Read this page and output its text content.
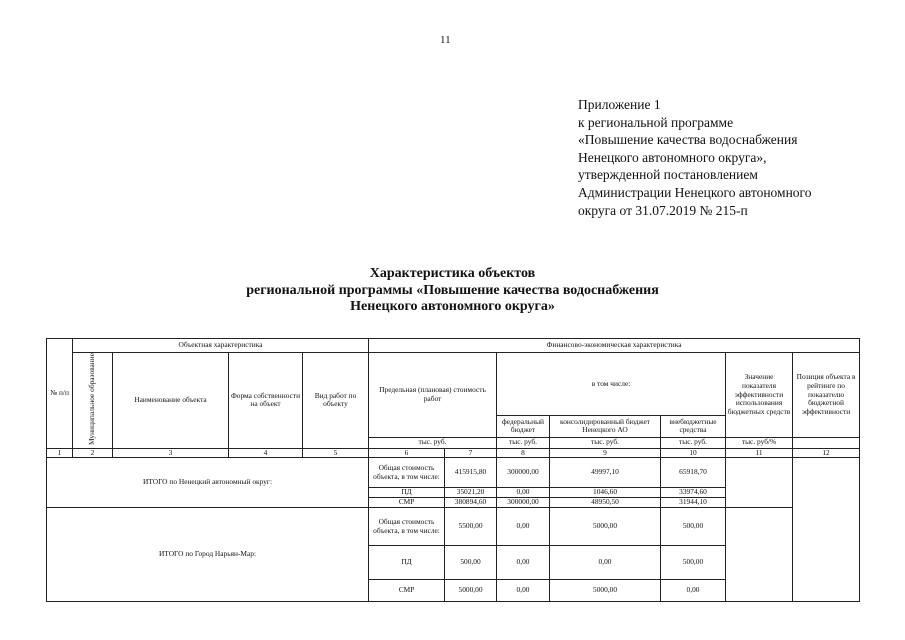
11
Приложение 1
к региональной программе
«Повышение качества водоснабжения
Ненецкого автономного округа»,
утвержденной постановлением
Администрации Ненецкого автономного
округа от 31.07.2019 № 215-п
Характеристика объектов
региональной программы «Повышение качества водоснабжения
Ненецкого автономного округа»
№ п/п	Объектная характеристика				Финансово-экономическая характеристика						
	Муниципальное образование	Наименование объекта	Форма собственности на объект	Вид работ по объекту	Предельная (плановая) стоимость работ		в том числе:			Значение показателя эффективности использования бюджетных средств	Позиция объекта в рейтинге по показателю бюджетной эффективности
							федеральный бюджет	консолидированный бюджет Ненецкого АО	внебюджетные средства		
					тыс. руб.		тыс. руб.	тыс. руб.	тыс. руб.	тыс. руб/%	
1	2	3	4	5	6	7	8	9	10	11	12
ИТОГО по Ненецкий автономный округ:					Общая стоимость объекта, в том числе:	415915,80	300000,00	49997,10	65918,70		
					ПД	35021,20	0,00	1046,60	33974,60		
					СМР	380894,60	300000,00	48950,50	31944,10		
ИТОГО по Город Нарьян-Мар:					Общая стоимость объекта, в том числе:	5500,00	0,00	5000,00	500,00		
					ПД	500,00	0,00	0,00	500,00		
					СМР	5000,00	0,00	5000,00	0,00		
